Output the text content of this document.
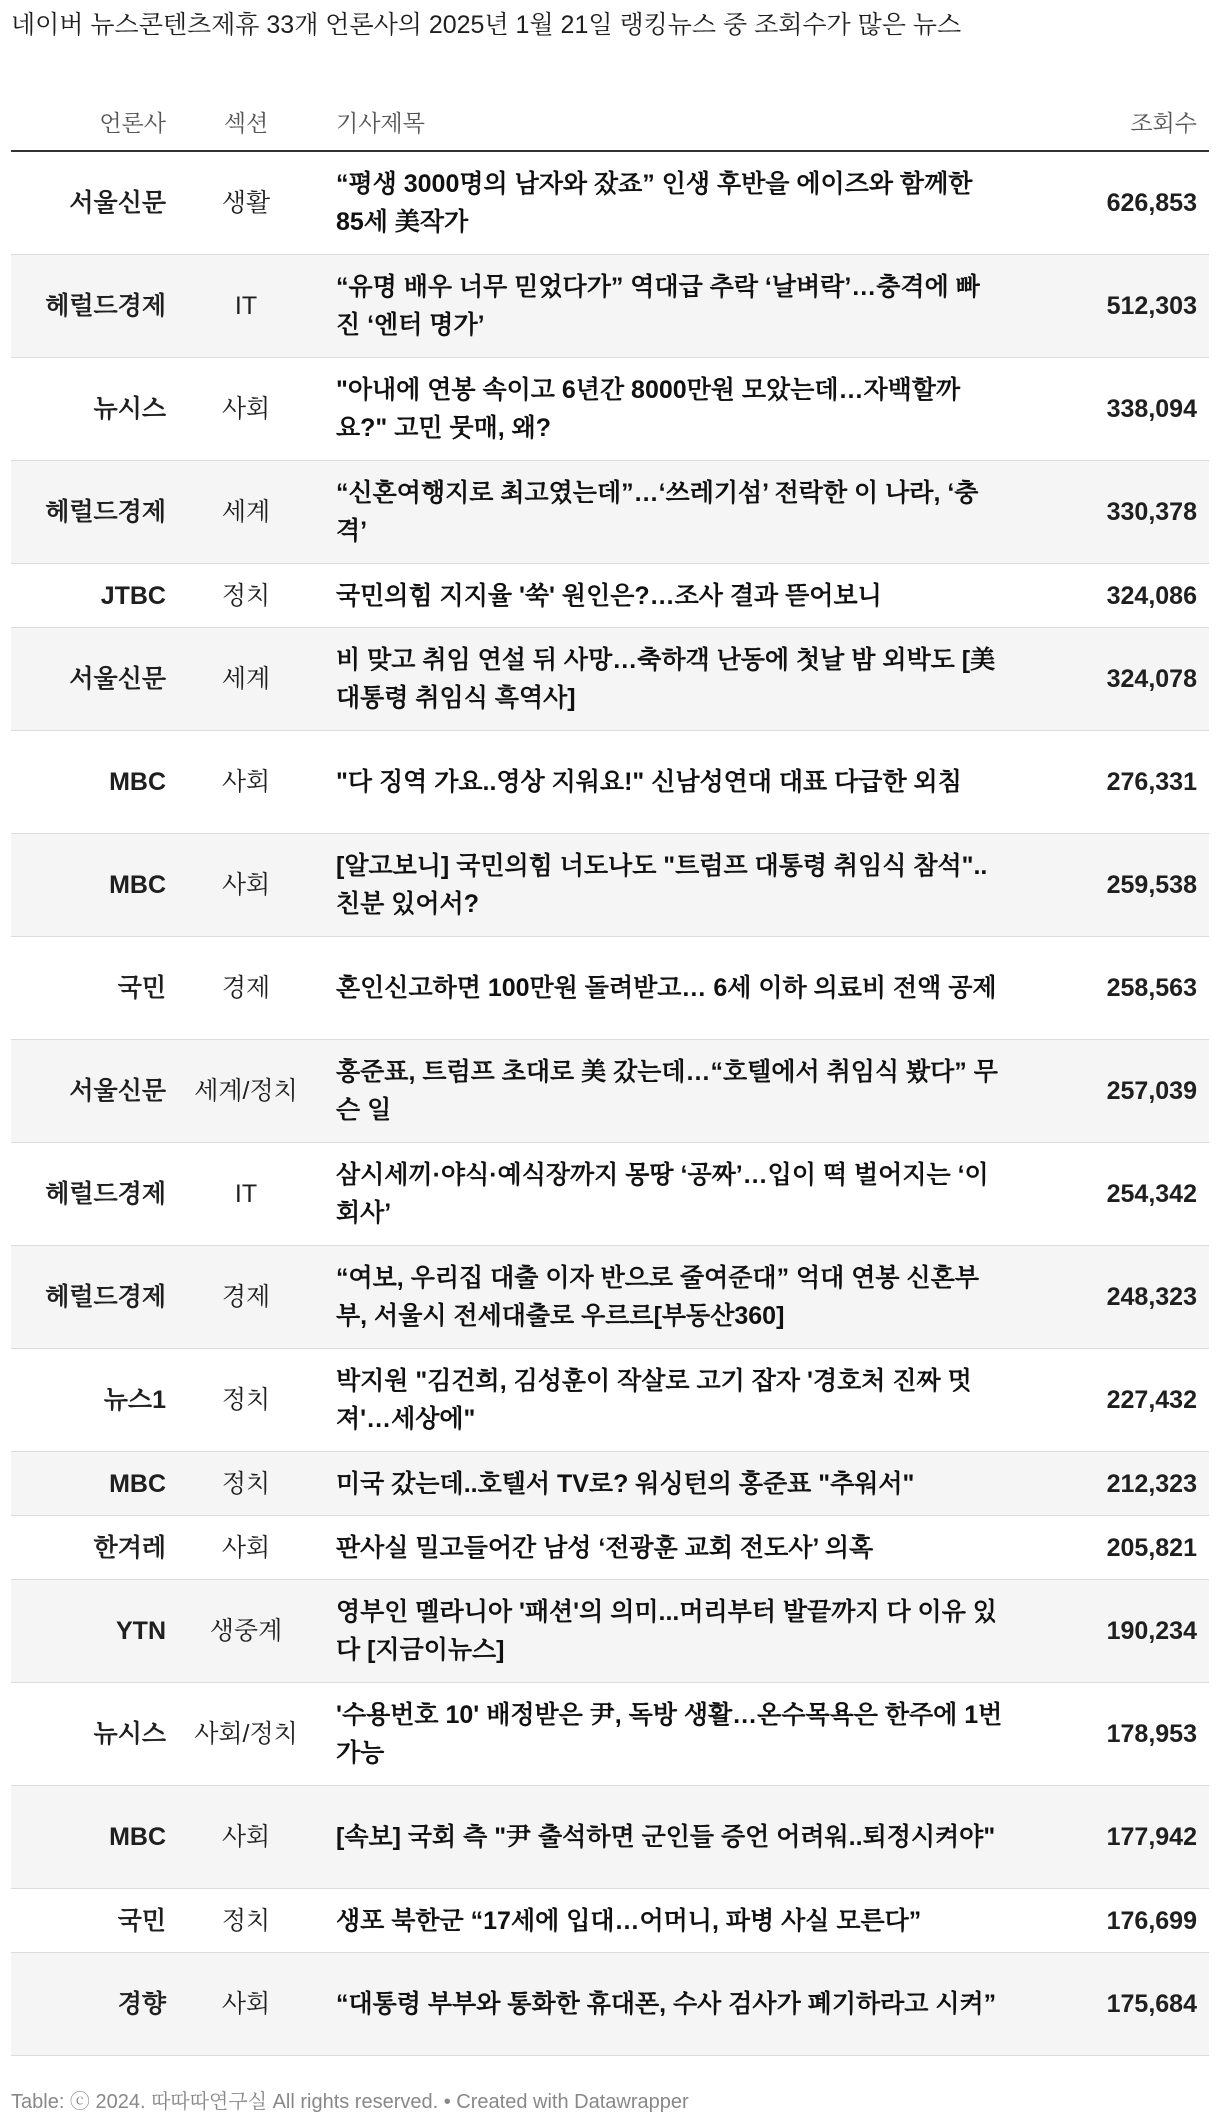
네이버 뉴스콘텐츠제휴 33개 언론사의 2025년 1월 21일 랭킹뉴스 중 조회수가 많은 뉴스
언론사	섹션	기사제목	조회수
서울신문	생활	“평생 3000명의 남자와 잤죠” 인생 후반을 에이즈와 함께한 85세 美작가	626,853
헤럴드경제	IT	“유명 배우 너무 믿었다가” 역대급 추락 ‘날벼락’…충격에 빠진 ‘엔터 명가’	512,303
뉴시스	사회	"아내에 연봉 속이고 6년간 8000만원 모았는데…자백할까요?" 고민 뭇매, 왜?	338,094
헤럴드경제	세계	“신혼여행지로 최고였는데”…‘쓰레기섬’ 전락한 이 나라, ‘충격’	330,378
JTBC	정치	국민의힘 지지율 '쑥' 원인은?…조사 결과 뜯어보니	324,086
서울신문	세계	비 맞고 취임 연설 뒤 사망…축하객 난동에 첫날 밤 외박도 [美 대통령 취임식 흑역사]	324,078
MBC	사회	"다 징역 가요..영상 지워요!" 신남성연대 대표 다급한 외침	276,331
MBC	사회	[알고보니] 국민의힘 너도나도 "트럼프 대통령 취임식 참석"..친분 있어서?	259,538
국민	경제	혼인신고하면 100만원 돌려받고… 6세 이하 의료비 전액 공제	258,563
서울신문	세계/정치	홍준표, 트럼프 초대로 美 갔는데…“호텔에서 취임식 봤다” 무슨 일	257,039
헤럴드경제	IT	삼시세끼·야식·예식장까지 몽땅 ‘공짜’…입이 떡 벌어지는 ‘이 회사’	254,342
헤럴드경제	경제	“여보, 우리집 대출 이자 반으로 줄여준대” 억대 연봉 신혼부부, 서울시 전세대출로 우르르[부동산360]	248,323
뉴스1	정치	박지원 "김건희, 김성훈이 작살로 고기 잡자 '경호처 진짜 멋져'…세상에"	227,432
MBC	정치	미국 갔는데..호텔서 TV로? 워싱턴의 홍준표 "추워서"	212,323
한겨레	사회	판사실 밀고들어간 남성 ‘전광훈 교회 전도사’ 의혹	205,821
YTN	생중계	영부인 멜라니아 '패션'의 의미...머리부터 발끝까지 다 이유 있다 [지금이뉴스]	190,234
뉴시스	사회/정치	'수용번호 10' 배정받은 尹, 독방 생활…온수목욕은 한주에 1번 가능	178,953
MBC	사회	[속보] 국회 측 "尹 출석하면 군인들 증언 어려워..퇴정시켜야"	177,942
국민	정치	생포 북한군 “17세에 입대…어머니, 파병 사실 모른다”	176,699
경향	사회	“대통령 부부와 통화한 휴대폰, 수사 검사가 폐기하라고 시켜”	175,684
Table: ⓒ 2024. 따따따연구실 All rights reserved. • Created with Datawrapper
